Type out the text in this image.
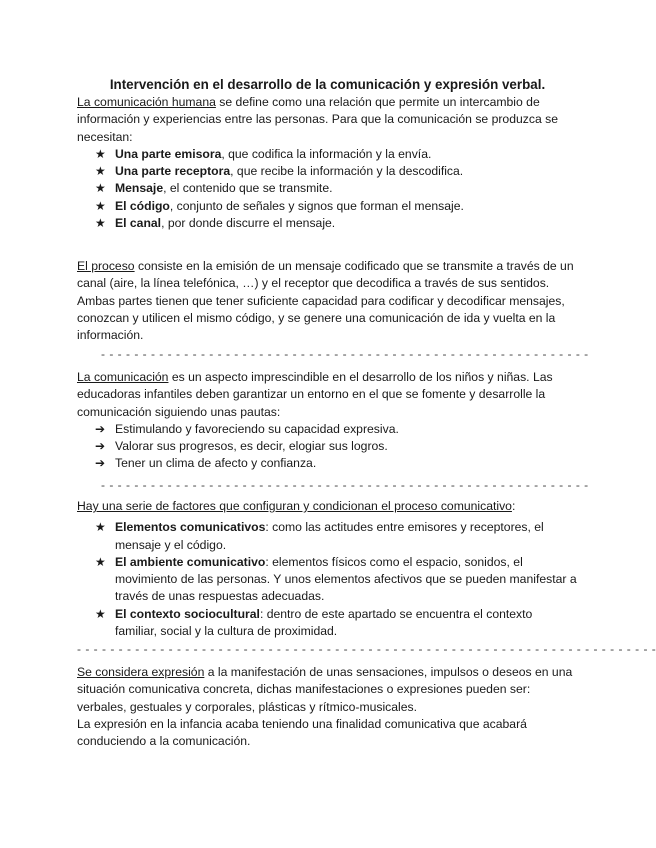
Intervención en el desarrollo de la comunicación y expresión verbal.

La comunicación humana se define como una relación que permite un intercambio de información y experiencias entre las personas. Para que la comunicación se produzca se necesitan:

★ Una parte emisora, que codifica la información y la envía.
★ Una parte receptora, que recibe la información y la descodifica.
★ Mensaje, el contenido que se transmite.
★ El código, conjunto de señales y signos que forman el mensaje.
★ El canal, por donde discurre el mensaje.

El proceso consiste en la emisión de un mensaje codificado que se transmite a través de un canal (aire, la línea telefónica, …) y el receptor que decodifica a través de sus sentidos. Ambas partes tienen que tener suficiente capacidad para codificar y decodificar mensajes, conozcan y utilicen el mismo código, y se genere una comunicación de ida y vuelta en la información.

- - - - - - - - - - - - - - - - - - - - - - - - - - - - - - - - - - - - - - - - - - - - - - - - - - - - - - - - - - -

La comunicación es un aspecto imprescindible en el desarrollo de los niños y niñas. Las educadoras infantiles deben garantizar un entorno en el que se fomente y desarrolle la comunicación siguiendo unas pautas:

➔ Estimulando y favoreciendo su capacidad expresiva.
➔ Valorar sus progresos, es decir, elogiar sus logros.
➔ Tener un clima de afecto y confianza.
- - - - - - - - - - - - - - - - - - - - - - - - - - - - - - - - - - - - - - - - - - - - - - - - - - - - - - - - - - -

Hay una serie de factores que configuran y condicionan el proceso comunicativo:

★ Elementos comunicativos: como las actitudes entre emisores y receptores, el mensaje y el código.
★ El ambiente comunicativo: elementos físicos como el espacio, sonidos, el movimiento de las personas. Y unos elementos afectivos que se pueden manifestar a través de unas respuestas adecuadas.
★ El contexto sociocultural: dentro de este apartado se encuentra el contexto familiar, social y la cultura de proximidad.
- - - - - - - - - - - - - - - - - - - - - - - - - - - - - - - - - - - - - - - - - - - - - - - - - - - - - - - - - - - - - - - - - - - - - -

Se considera expresión a la manifestación de unas sensaciones, impulsos o deseos en una situación comunicativa concreta, dichas manifestaciones o expresiones pueden ser: verbales, gestuales y corporales, plásticas y rítmico-musicales.

La expresión en la infancia acaba teniendo una finalidad comunicativa que acabará conduciendo a la comunicación.
